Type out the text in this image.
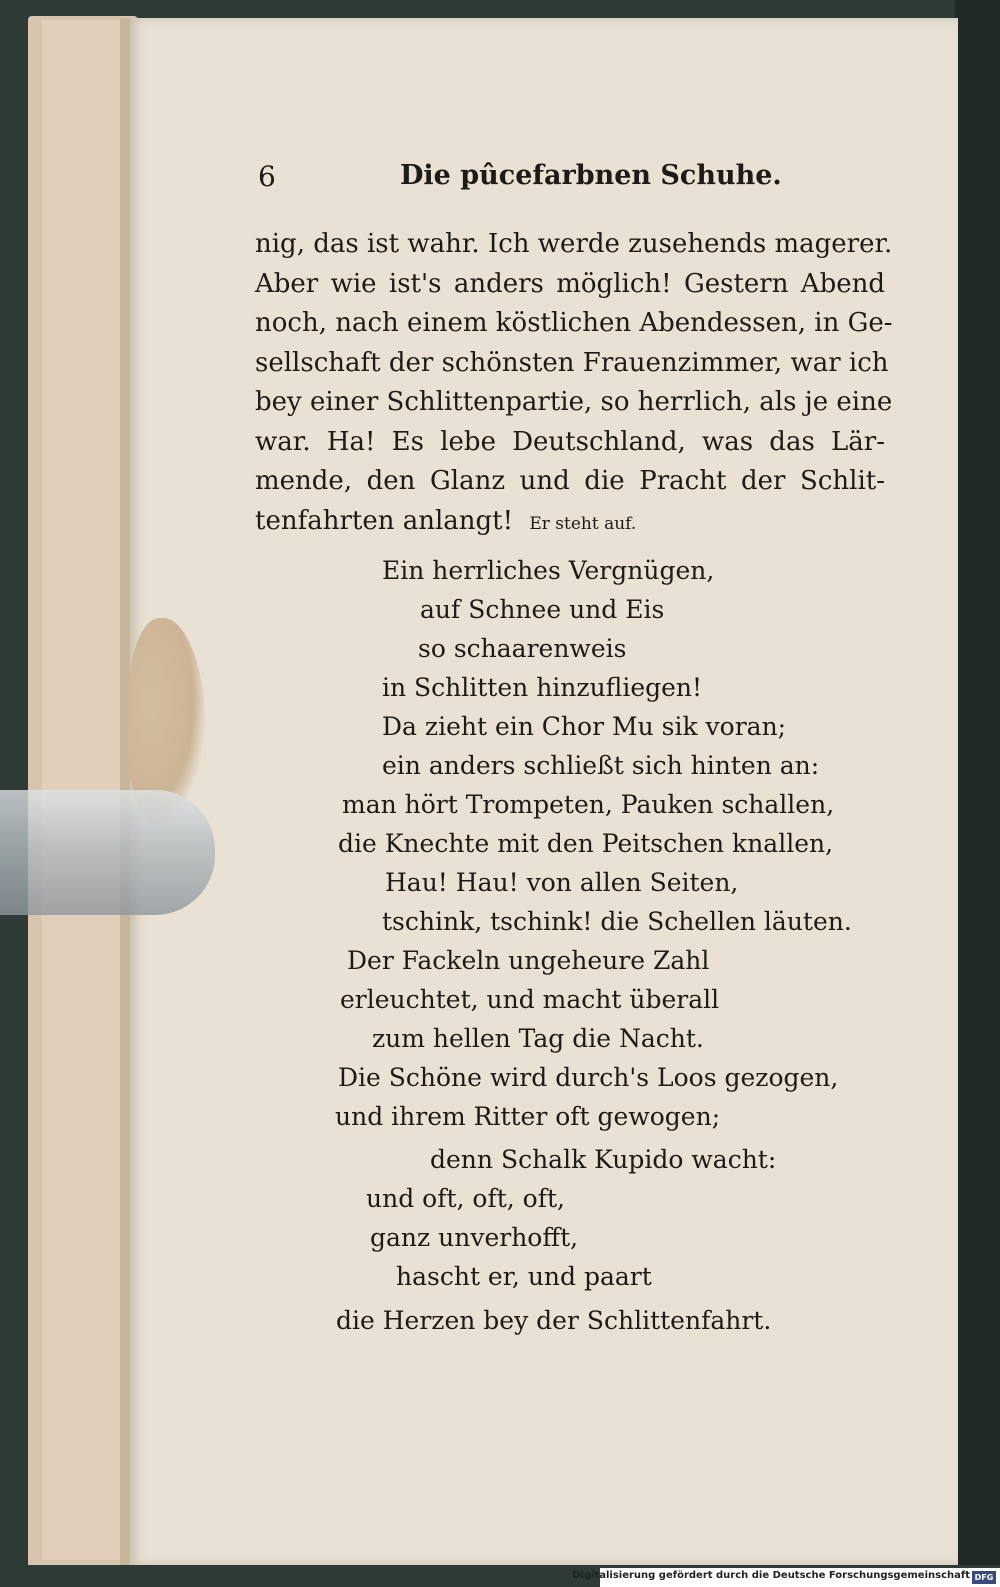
6	Die pûcefarbnen Schuhe.
nig, das ist wahr. Ich werde zusehends magerer.
Aber wie ist's anders möglich! Gestern Abend
noch, nach einem köstlichen Abendessen, in Ge-
sellschaft der schönsten Frauenzimmer, war ich
bey einer Schlittenpartie, so herrlich, als je eine
war. Ha! Es lebe Deutschland, was das Lär-
mende, den Glanz und die Pracht der Schlit-
tenfahrten anlangt! Er steht auf.
Ein herrliches Vergnügen,
auf Schnee und Eis
so schaarenweis
in Schlitten hinzufliegen!
Da zieht ein Chor Mu sik voran;
ein anders schließt sich hinten an:
man hört Trompeten, Pauken schallen,
die Knechte mit den Peitschen knallen,
Hau! Hau! von allen Seiten,
tschink, tschink! die Schellen läuten.
Der Fackeln ungeheure Zahl
erleuchtet, und macht überall
zum hellen Tag die Nacht.
Die Schöne wird durch's Loos gezogen,
und ihrem Ritter oft gewogen;
denn Schalk Kupido wacht:
und oft, oft, oft,
ganz unverhofft,
hascht er, und paart
die Herzen bey der Schlittenfahrt.
Digitalisierung gefördert durch die Deutsche Forschungsgemeinschaft DFG
